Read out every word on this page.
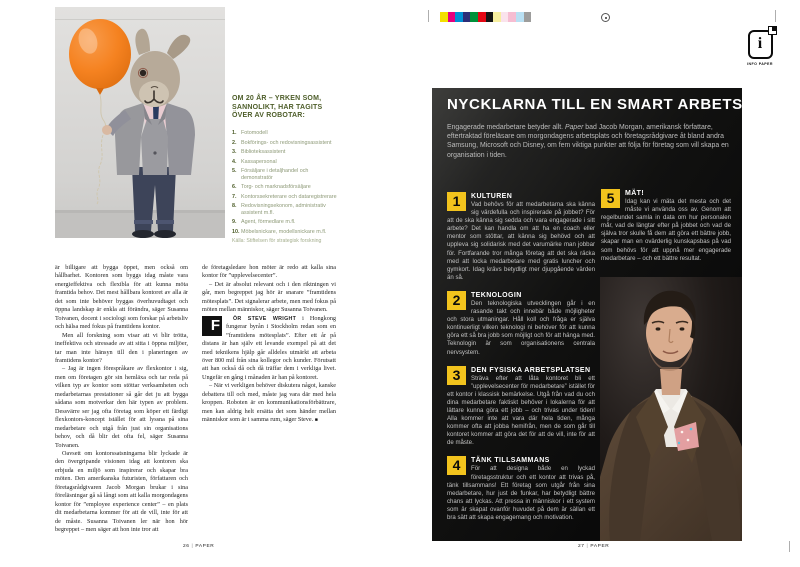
i
INFO PAPER
OM 20 ÅR – YRKEN SOM, SANNOLIKT, HAR TAGITS ÖVER AV ROBOTAR:
1. Fotomodell
2. Bokförings- och redovisningsassistent
3. Biblioteksassistent
4. Kassapersonal
5. Försäljare i detaljhandel och demonstratör
6. Torg- och marknadsförsäljare
7. Kontorssekreterare och dataregistrerare
8. Redovisningsekonom, administrativ assistent m.fl.
9. Agent, förmedlare m.fl.
10. Möbelsnickare, modellsnickare m.fl.
Källa: Stiftelsen för strategisk forskning

är billigare att bygga öppet, men också om hållbarhet. Kontoren som byggs idag måste vara energieffektiva och flexibla för att kunna möta framtida behov. Det mest hållbara kontoret av alla är det som inte behöver byggas överhuvudtaget och öppna landskap är enkla att förändra, säger Susanna Toivanen, docent i sociologi som forskar på arbetsliv och hälsa med fokus på framtidens kontor.

Men all forskning som visar att vi blir trötta, ineffektiva och stressade av att sitta i öppna miljöer, tar man inte hänsyn till den i planeringen av framtidens kontor?

– Jag är ingen förespråkare av flexkontor i sig, men om företagen gör sin hemläxa och tar reda på vilken typ av kontor som stöttar verksamheten och medarbetarnas prestationer så går det ju att bygga sådana som motverkar den här typen av problem. Dessvärre ser jag ofta företag som köper ett färdigt flexkontors-koncept istället för att lyssna på sina medarbetare och utgå från just sin organisations behov, och då blir det ofta fel, säger Susanna Toivanen.

Oavsett om kontorssatsningarna blir lyckade är den övergripande visionen idag att kontoren ska erbjuda en miljö som inspirerar och skapar bra möten. Den amerikanska futuristen, författaren och företagsrådgivaren Jacob Morgan brukar i sina föreläsningar gå så långt som att kalla morgondagens kontor för ”employee experience center” – en plats dit medarbetarna kommer för att de vill, inte för att de måste. Susanna Toivanen ler när hon hör begreppet – men säger att hon inte tror att

de företagsledare hon möter är redo att kalla sina kontor för ”upplevelsecenter”.

– Det är absolut relevant och i den riktningen vi går, men begreppet jag hör är snarare ”framtidens mötesplats”. Det signalerar arbete, men med fokus på möten mellan människor, säger Susanna Toivanen.

F	ÖR STEVE WRIGHT i Hongkong fungerar byrån i Stockholm redan som en ”framtidens mötesplats”. Efter ett år på distans är han själv ett levande exempel på att det med teknikens hjälp går alldeles utmärkt att arbeta över 800 mil från sina kollegor och kunder. Förutsatt att han också då och då träffar dem i verkliga livet. Ungefär en gång i månaden är han på kontoret.

– När vi verkligen behöver diskutera något, kanske debattera till och med, måste jag vara där med hela kroppen. Roboten är en kommunikationsförbättrare, men kan aldrig helt ersätta det som händer mellan människor som är i samma rum, säger Steve. ■

26 | PAPER
NYCKLARNA TILL EN SMART ARBETSPLATS
Engagerade medarbetare betyder allt. Paper bad Jacob Morgan, amerikansk författare, eftertraktad föreläsare om morgondagens arbetsplats och företagsrådgivare åt bland andra Samsung, Microsoft och Disney, om fem viktiga punkter att följa för företag som vill skapa en organisation i tiden.
1	KULTUREN
Vad behövs för att medarbetarna ska känna sig värdefulla och inspirerade på jobbet? För att de ska känna sig sedda och vara engagerade i sitt arbete? Det kan handla om att ha en coach eller mentor som stöttar, att känna sig behövd och att uppleva sig solidarisk med det varumärke man jobbar för. Fortfarande tror många företag att det ska räcka med att locka medarbetare med gratis luncher och gymkort. Idag krävs betydligt mer djupgående värden än så.
2	TEKNOLOGIN
Den teknologiska utvecklingen går i en rasande takt och innebär både möjligheter och stora utmaningar. Håll koll och fråga er själva kontinuerligt vilken teknologi ni behöver för att kunna göra ett så bra jobb som möjligt och för att hänga med. Teknologin är som organisationens centrala nervsystem.
3	DEN FYSISKA ARBETSPLATSEN
Sträva efter att låta kontoret bli ett ”upplevelsecenter för medarbetare” istället för ett kontor i klassisk bemärkelse. Utgå från vad du och dina medarbetare faktiskt behöver i lokalerna för att lättare kunna göra ett jobb – och trivas under tiden! Alla kommer inte att vara där hela tiden, många kommer ofta att jobba hemifrån, men de som går till kontoret kommer att göra det för att de vill, inte för att de måste.
4	TÄNK TILLSAMMANS
För att designa både en lyckad företagsstruktur och ett kontor att trivas på, tänk tillsammans! Ett företag som utgår från sina medarbetare, hur just de funkar, har betydligt bättre chans att lyckas. Att pressa in människor i ett system som är skapat ovanför huvudet på dem är sällan ett bra sätt att skapa engagemang och motivation.
5	MÄT!
Idag kan vi mäta det mesta och det måste vi använda oss av. Genom att regelbundet samla in data om hur personalen mår, vad de längtar efter på jobbet och vad de själva tror skulle få dem att göra ett bättre jobb, skapar man en ovärderlig kunskapsbas på vad som behövs för att uppnå mer engagerade medarbetare – och ett bättre resultat.
27 | PAPER
